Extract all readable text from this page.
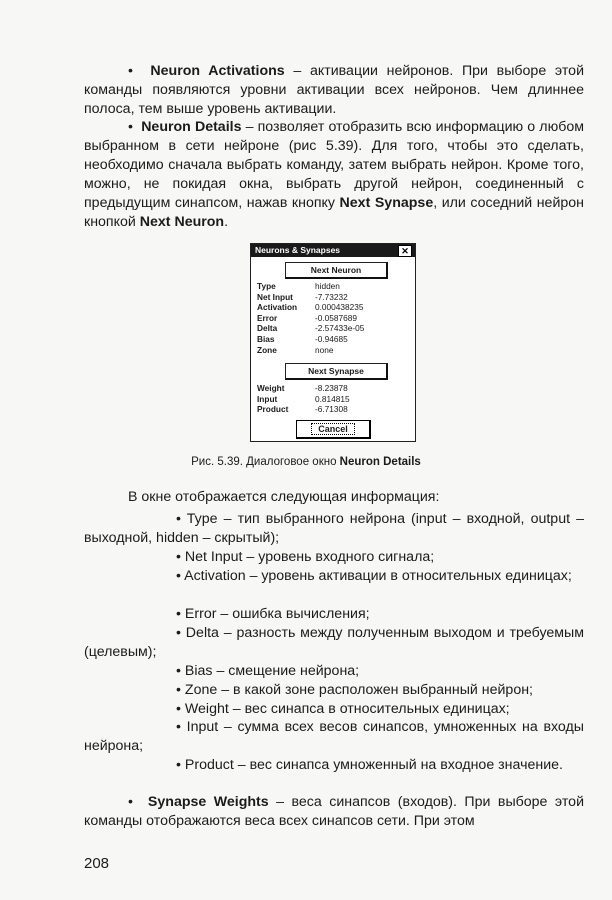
• Neuron Activations – активации нейронов. При выборе этой команды появляются уровни активации всех нейронов. Чем длиннее полоса, тем выше уровень активации.

• Neuron Details – позволяет отобразить всю информацию о любом выбранном в сети нейроне (рис 5.39). Для того, чтобы это сделать, необходимо сначала выбрать команду, затем выбрать нейрон. Кроме того, можно, не покидая окна, выбрать другой нейрон, соединенный с предыдущим синапсом, нажав кнопку Next Synapse, или соседний нейрон кнопкой Next Neuron.

Neurons & Synapses	✕
Next Neuron
Type	hidden
Net Input	-7.73232
Activation 0.000438235
Error	-0.0587689
Delta	-2.57433e-05
Bias	-0.94685
Zone	none
Next Synapse
Weight	-8.23878
Input	0.814815
Product	-6.71308
Cancel
Рис. 5.39. Диалоговое окно Neuron Details

В окне отображается следующая информация:

• Type – тип выбранного нейрона (input – входной, output – выходной, hidden – скрытый);

• Net Input – уровень входного сигнала;

• Activation – уровень активации в относительных единицах;

• Error – ошибка вычисления;

• Delta – разность между полученным выходом и требуемым (целевым);

• Bias – смещение нейрона;

• Zone – в какой зоне расположен выбранный нейрон;

• Weight – вес синапса в относительных единицах;

• Input – сумма всех весов синапсов, умноженных на входы нейрона;

• Product – вес синапса умноженный на входное значение.

• Synapse Weights – веса синапсов (входов). При выборе этой команды отображаются веса всех синапсов сети. При этом

208
